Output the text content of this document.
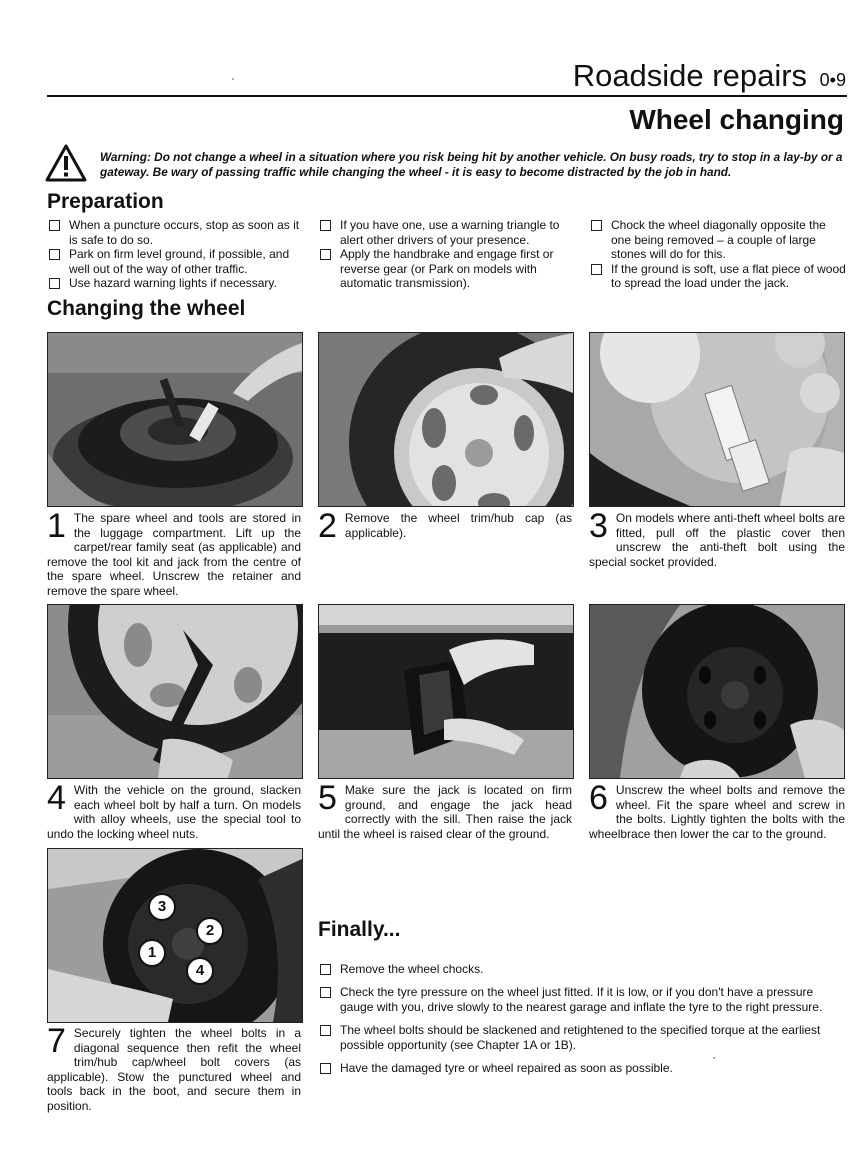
Roadside repairs 0•9
Wheel changing
Warning: Do not change a wheel in a situation where you risk being hit by another vehicle. On busy roads, try to stop in a lay-by or a gateway. Be wary of passing traffic while changing the wheel - it is easy to become distracted by the job in hand.
Preparation
When a puncture occurs, stop as soon as it is safe to do so.
Park on firm level ground, if possible, and well out of the way of other traffic.
Use hazard warning lights if necessary.
If you have one, use a warning triangle to alert other drivers of your presence.
Apply the handbrake and engage first or reverse gear (or Park on models with automatic transmission).
Chock the wheel diagonally opposite the one being removed – a couple of large stones will do for this.
If the ground is soft, use a flat piece of wood to spread the load under the jack.
Changing the wheel
1 The spare wheel and tools are stored in the luggage compartment. Lift up the carpet/rear family seat (as applicable) and remove the tool kit and jack from the centre of the spare wheel. Unscrew the retainer and remove the spare wheel.
2 Remove the wheel trim/hub cap (as applicable).	3 On models where anti-theft wheel bolts are fitted, pull off the plastic cover then unscrew the anti-theft bolt using the special socket provided.
4 With the vehicle on the ground, slacken each wheel bolt by half a turn. On models with alloy wheels, use the special tool to undo the locking wheel nuts.
5 Make sure the jack is located on firm ground, and engage the jack head correctly with the sill. Then raise the jack until the wheel is raised clear of the ground.
6 Unscrew the wheel bolts and remove the wheel. Fit the spare wheel and screw in the bolts. Lightly tighten the bolts with the wheelbrace then lower the car to the ground.
3
2
1
4
7 Securely tighten the wheel bolts in a diagonal sequence then refit the wheel trim/hub cap/wheel bolt covers (as applicable). Stow the punctured wheel and tools back in the boot, and secure them in position.
Finally...
Remove the wheel chocks.
Check the tyre pressure on the wheel just fitted. If it is low, or if you don't have a pressure gauge with you, drive slowly to the nearest garage and inflate the tyre to the right pressure.
The wheel bolts should be slackened and retightened to the specified torque at the earliest possible opportunity (see Chapter 1A or 1B).
Have the damaged tyre or wheel repaired as soon as possible.
